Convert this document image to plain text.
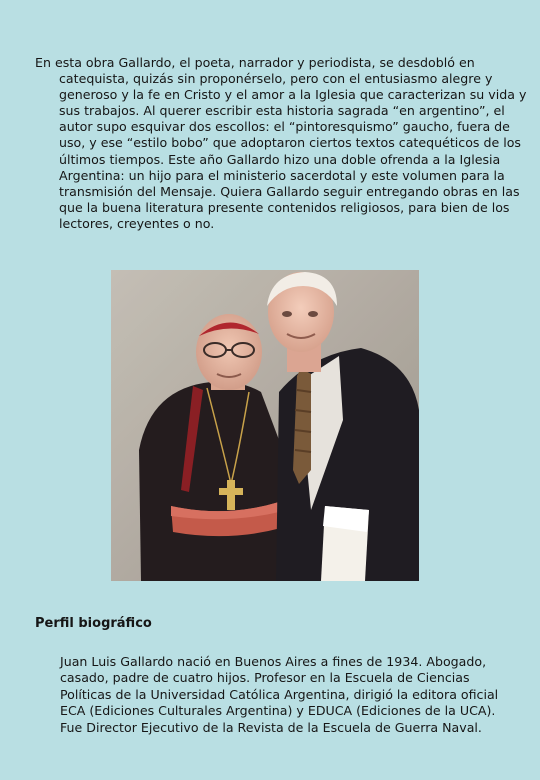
En esta obra Gallardo, el poeta, narrador y periodista, se desdobló en catequista, quizás sin proponérselo, pero con el entusiasmo alegre y generoso y la fe en Cristo y el amor a la Iglesia que caracterizan su vida y sus trabajos. Al querer escribir esta historia sagrada “en argentino”, el autor supo esquivar dos escollos: el “pintoresquismo” gaucho, fuera de uso, y ese “estilo bobo” que adoptaron ciertos textos catequéticos de los últimos tiempos. Este año Gallardo hizo una doble ofrenda a la Iglesia Argentina: un hijo para el ministerio sacerdotal y este volumen para la transmisión del Mensaje. Quiera Gallardo seguir entregando obras en las que la buena literatura presente contenidos religiosos, para bien de los lectores, creyentes o no.

Perfil biográfico

Juan Luis Gallardo nació en Buenos Aires a fines de 1934. Abogado, casado, padre de cuatro hijos. Profesor en la Escuela de Ciencias Políticas de la Universidad Católica Argentina, dirigió la editora oficial ECA (Ediciones Culturales Argentina) y EDUCA (Ediciones de la UCA). Fue Director Ejecutivo de la Revista de la Escuela de Guerra Naval.
